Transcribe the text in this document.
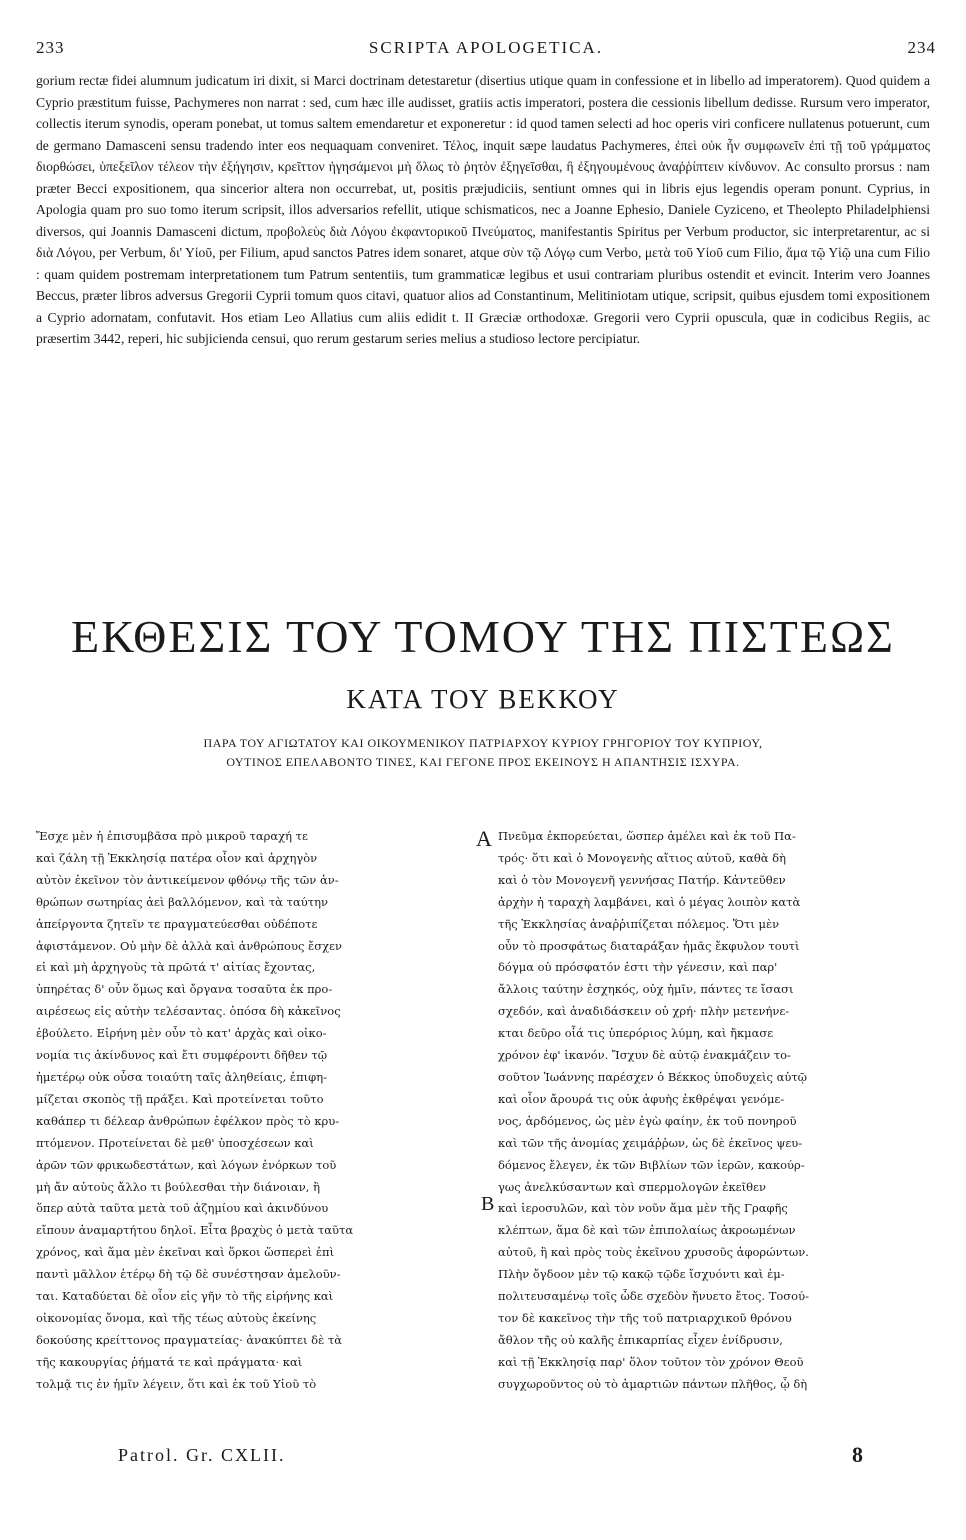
233	SCRIPTA APOLOGETICA.	234

gorium rectæ fidei alumnum judicatum iri dixit, si Marci doctrinam detestaretur (disertius utique quam in confessione et in libello ad imperatorem). Quod quidem a Cyprio præstitum fuisse, Pachymeres non narrat : sed, cum hæc ille audisset, gratiis actis imperatori, postera die cessionis libellum dedisse. Rursum vero imperator, collectis iterum synodis, operam ponebat, ut tomus saltem emendaretur et exponeretur : id quod tamen selecti ad hoc operis viri conficere nullatenus potuerunt, cum de germano Damasceni sensu tradendo inter eos nequaquam conveniret. Τέλος, inquit sæpe laudatus Pachymeres, ἐπεὶ οὐκ ἦν συμφωνεῖν ἐπὶ τῇ τοῦ γράμματος διορθώσει, ὑπεξεῖλον τέλεον τὴν ἐξήγησιν, κρεῖττον ἡγησάμενοι μὴ ὅλως τὸ ῥητὸν ἐξηγεῖσθαι, ἢ ἐξηγουμένους ἀναῤῥίπτειν κίνδυνον. Ac consulto prorsus : nam præter Becci expositionem, qua sincerior altera non occurrebat, ut, positis præjudiciis, sentiunt omnes qui in libris ejus legendis operam ponunt. Cyprius, in Apologia quam pro suo tomo iterum scripsit, illos adversarios refellit, utique schismaticos, nec a Joanne Ephesio, Daniele Cyziceno, et Theolepto Philadelphiensi diversos, qui Joannis Damasceni dictum, προβολεὺς διὰ Λόγου ἐκφαντορικοῦ Πνεύματος, manifestantis Spiritus per Verbum productor, sic interpretarentur, ac si διὰ Λόγου, per Verbum, δι' Υἱοῦ, per Filium, apud sanctos Patres idem sonaret, atque σὺν τῷ Λόγῳ cum Verbo, μετὰ τοῦ Υἱοῦ cum Filio, ἅμα τῷ Υἱῷ una cum Filio : quam quidem postremam interpretationem tum Patrum sententiis, tum grammaticæ legibus et usui contrariam pluribus ostendit et evincit. Interim vero Joannes Beccus, præter libros adversus Gregorii Cyprii tomum quos citavi, quatuor alios ad Constantinum, Melitiniotam utique, scripsit, quibus ejusdem tomi expositionem a Cyprio adornatam, confutavit. Hos etiam Leo Allatius cum aliis edidit t. II Græciæ orthodoxæ. Gregorii vero Cyprii opuscula, quæ in codicibus Regiis, ac præsertim 3442, reperi, hic subjicienda censui, quo rerum gestarum series melius a studioso lectore percipiatur.

ΕΚΘΕΣΙΣ ΤΟΥ ΤΟΜΟΥ ΤΗΣ ΠΙΣΤΕΩΣ
ΚΑΤΑ ΤΟΥ ΒΕΚΚΟΥ
ΠΑΡΑ ΤΟΥ ΑΓΙΩΤΑΤΟΥ ΚΑΙ ΟΙΚΟΥΜΕΝΙΚΟΥ ΠΑΤΡΙΑΡΧΟΥ ΚΥΡΙΟΥ ΓΡΗΓΟΡΙΟΥ ΤΟΥ ΚΥΠΡΙΟΥ,
ΟΥΤΙΝΟΣ ΕΠΕΛΑΒΟΝΤΟ ΤΙΝΕΣ, ΚΑΙ ΓΕΓΟΝΕ ΠΡΟΣ ΕΚΕΙΝΟΥΣ Η ΑΠΑΝΤΗΣΙΣ ΙΣΧΥΡΑ.
Ἔσχε μὲν ἡ ἐπισυμβᾶσα πρὸ μικροῦ ταραχή τε
καὶ ζάλη τῇ Ἐκκλησίᾳ πατέρα οἷον καὶ ἀρχηγὸν
αὐτὸν ἐκεῖνον τὸν ἀντικείμενον φθόνῳ τῆς τῶν ἀν-
θρώπων σωτηρίας ἀεὶ βαλλόμενον, καὶ τὰ ταύτην
ἀπείργοντα ζητεῖν τε πραγματεύεσθαι οὐδέποτε
ἀφιστάμενον. Οὐ μὴν δὲ ἀλλὰ καὶ ἀνθρώπους ἔσχεν
εἰ καὶ μὴ ἀρχηγοὺς τὰ πρῶτά τ' αἰτίας ἔχοντας,
ὑπηρέτας δ' οὖν ὅμως καὶ ὄργανα τοσαῦτα ἐκ προ-
αιρέσεως εἰς αὐτὴν τελέσαντας. ὁπόσα δὴ κἀκεῖνος
ἐβούλετο. Εἰρήνη μὲν οὖν τὸ κατ' ἀρχὰς καὶ οἰκο-
νομία τις ἀκίνδυνος καὶ ἔτι συμφέροντι δῆθεν τῷ
ἡμετέρῳ οὐκ οὖσα τοιαύτη ταῖς ἀληθείαις, ἐπιφη-
μίζεται σκοπὸς τῇ πράξει. Καὶ προτείνεται τοῦτο
καθάπερ τι δέλεαρ ἀνθρώπων ἐφέλκον πρὸς τὸ κρυ-
πτόμενον. Προτείνεται δὲ μεθ' ὑποσχέσεων καὶ
ἀρῶν τῶν φρικωδεστάτων, καὶ λόγων ἐνόρκων τοῦ
μὴ ἄν αὐτοὺς ἄλλο τι βούλεσθαι τὴν διάνοιαν, ἢ
ὅπερ αὐτὰ ταῦτα μετὰ τοῦ ἀζημίου καὶ ἀκινδύνου
εἴπουν ἀναμαρτήτου δηλοῖ. Εἶτα βραχὺς ὁ μετὰ ταῦτα
χρόνος, καὶ ἅμα μὲν ἐκεῖναι καὶ ὅρκοι ὥσπερεὶ ἐπὶ
παντὶ μᾶλλον ἑτέρῳ δὴ τῷ δὲ συνέστησαν ἀμελοῦν-
ται. Καταδύεται δὲ οἷον εἰς γῆν τὸ τῆς εἰρήνης καὶ
οἰκονομίας ὄνομα, καὶ τῆς τέως αὐτοὺς ἐκείνης
δοκούσης κρείττονος πραγματείας· ἀνακύπτει δὲ τὰ
τῆς κακουργίας ῥήματά τε καὶ πράγματα· καὶ
τολμᾷ τις ἐν ἡμῖν λέγειν, ὅτι καὶ ἐκ τοῦ Υἱοῦ τὸ
A
B
Πνεῦμα ἐκπορεύεται, ὥσπερ ἀμέλει καὶ ἐκ τοῦ Πα-
τρός· ὅτι καὶ ὁ Μονογενὴς αἴτιος αὐτοῦ, καθὰ δὴ
καὶ ὁ τὸν Μονογενῆ γεννήσας Πατήρ. Κἀντεῦθεν
ἀρχὴν ἡ ταραχὴ λαμβάνει, καὶ ὁ μέγας λοιπὸν κατὰ
τῆς Ἐκκλησίας ἀναῤῥιπίζεται πόλεμος. Ὅτι μὲν
οὖν τὸ προσφάτως διαταράξαν ἡμᾶς ἔκφυλον τουτὶ
δόγμα οὐ πρόσφατόν ἐστι τὴν γένεσιν, καὶ παρ'
ἄλλοις ταύτην ἐσχηκός, οὐχ ἡμῖν, πάντες τε ἴσασι
σχεδόν, καὶ ἀναδιδάσκειν οὐ χρή· πλὴν μετενήνε-
κται δεῦρο οἷά τις ὑπερόριος λύμη, καὶ ἤκμασε
χρόνον ἐφ' ἱκανόν. Ἴσχυν δὲ αὐτῷ ἐνακμάζειν το-
σοῦτον Ἰωάννης παρέσχεν ὁ Βέκκος ὑποδυχεὶς αὐτῷ
καὶ οἷον ἄρουρά τις οὐκ ἀφυὴς ἐκθρέψαι γενόμε-
νος, ἀρδόμενος, ὡς μὲν ἐγὼ φαίην, ἐκ τοῦ πονηροῦ
καὶ τῶν τῆς ἀνομίας χειμάῤῥων, ὡς δὲ ἐκεῖνος ψευ-
δόμενος ἔλεγεν, ἐκ τῶν Βιβλίων τῶν ἱερῶν, κακούρ-
γως ἀνελκύσαντων καὶ σπερμολογῶν ἐκεῖθεν
καὶ ἱεροσυλῶν, καὶ τὸν νοῦν ἅμα μὲν τῆς Γραφῆς
κλέπτων, ἅμα δὲ καὶ τῶν ἐπιπολαίως ἀκροωμένων
αὐτοῦ, ἢ καὶ πρὸς τοὺς ἐκεῖνου χρυσοῦς ἀφορώντων.
Πλὴν ὄγδοον μὲν τῷ κακῷ τῷδε ἴσχυόντι καὶ ἐμ-
πολιτευσαμένῳ τοῖς ὧδε σχεδὸν ἤνυετο ἔτος. Τοσού-
τον δὲ κακεῖνος τὴν τῆς τοῦ πατριαρχικοῦ θρόνου
ἄθλον τῆς οὐ καλῆς ἐπικαρπίας εἶχεν ἐνίδρυσιν,
καὶ τῇ Ἐκκλησίᾳ παρ' ὅλον τοῦτον τὸν χρόνον Θεοῦ
συγχωροῦντος οὐ τὸ ἁμαρτιῶν πάντων πλῆθος, ᾧ δὴ
Patrol. Gr. CXLII.	8
